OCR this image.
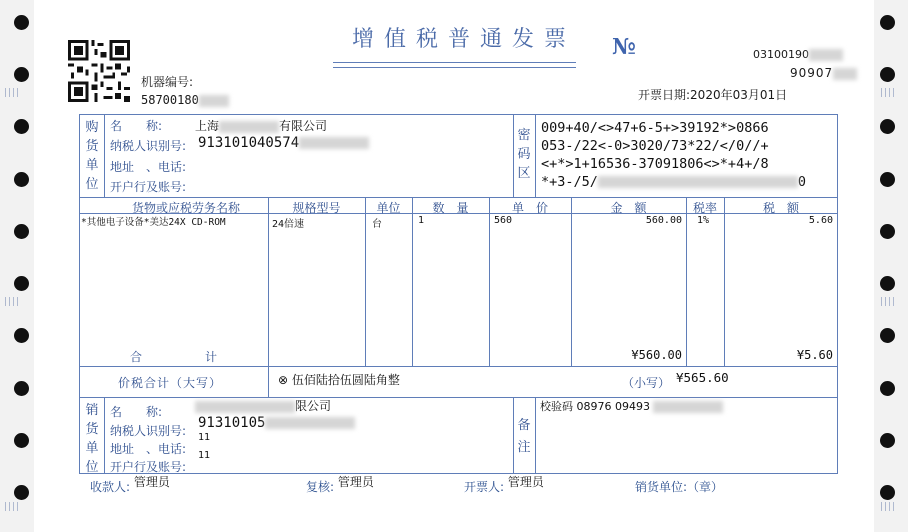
||||	||||
||||	||||
||||	||||
增值税普通发票 №	03100190
90907
机器编号:
58700180	开票日期:2020年03月01日
购货单位
名　　称:	上海	有限公司
纳税人识别号: 913101040574
地址　、电话:
开户行及账号:
密码区
009+40/<>47+6-5+>39192*>0866
053-/22<-0>3020/73*22/</0//+
<+*>1+16536-37091806<>*+4+/8
*+3-/5/	0
货物或应税劳务名称	规格型号	单位	数　量	单　价	金　额	税率	税　额
*其他电子设备*美达24X CD-ROM	24倍速	台	1	560	560.00 1%	5.60
合	计	¥560.00	¥5.60
价税合计（大写）	⊗ 伍佰陆拾伍圆陆角整	（小写） ¥565.60
销货单位
名　　称:	限公司
纳税人识别号: 91310105
地址　、电话:
11
开户行及账号:
11
备注
校验码 08976 09493
收款人: 管理员	复核: 管理员	开票人: 管理员	销货单位:（章）
